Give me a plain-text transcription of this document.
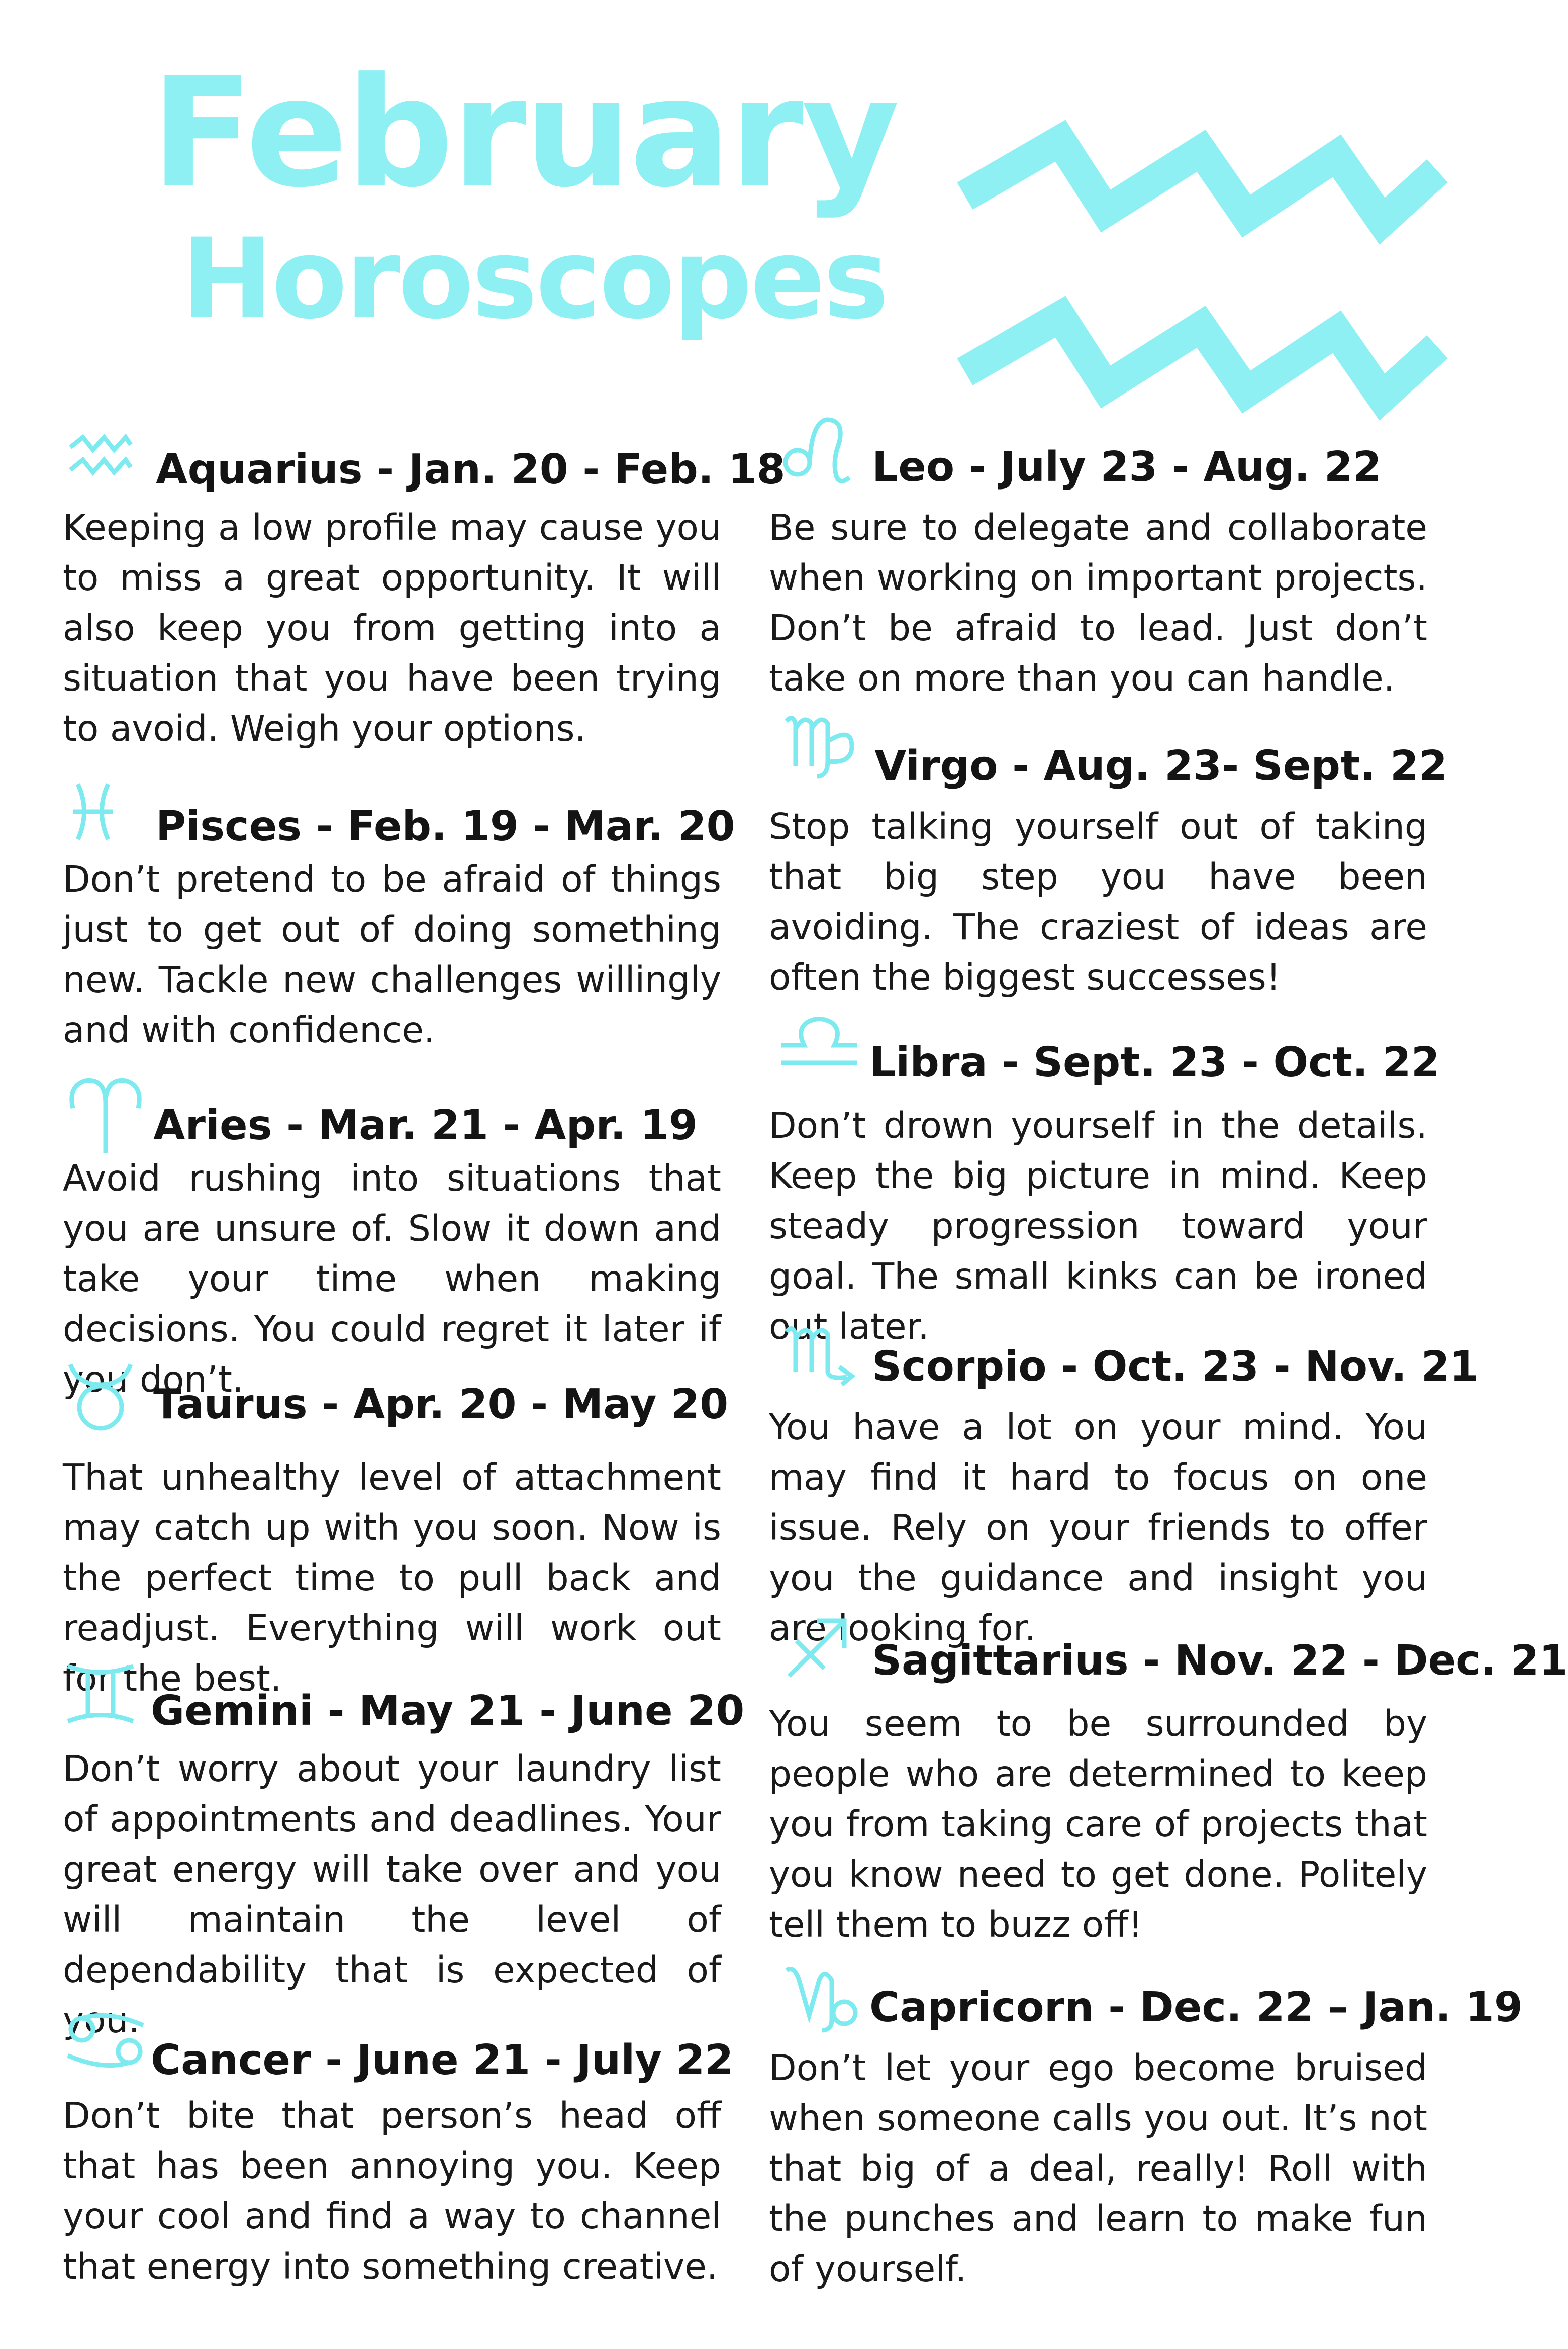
February
Horoscopes
Aquarius - Jan. 20 - Feb. 18
Keeping a low profile may cause you to miss a great opportunity. It will also keep you from getting into a situation that you have been trying to avoid. Weigh your options.
Pisces - Feb. 19 - Mar. 20
Don’t pretend to be afraid of things just to get out of doing something new. Tackle new challenges willingly and with confidence.
Aries - Mar. 21 - Apr. 19
Avoid rushing into situations that you are unsure of. Slow it down and take your time when making decisions. You could regret it later if you don’t.
Taurus - Apr. 20 - May 20
That unhealthy level of attachment may catch up with you soon. Now is the perfect time to pull back and readjust. Everything will work out for the best.
Gemini - May 21 - June 20
Don’t worry about your laundry list of appointments and deadlines. Your great energy will take over and you will maintain the level of dependability that is expected of you.
Cancer - June 21 - July 22
Don’t bite that person’s head off that has been annoying you. Keep your cool and find a way to channel that energy into something creative.
Leo - July 23 - Aug. 22
Be sure to delegate and collaborate when working on important projects. Don’t be afraid to lead. Just don’t take on more than you can handle.
Virgo - Aug. 23- Sept. 22
Stop talking yourself out of taking that big step you have been avoiding. The craziest of ideas are often the biggest successes!
Libra - Sept. 23 - Oct. 22
Don’t drown yourself in the details. Keep the big picture in mind. Keep steady progression toward your goal. The small kinks can be ironed out later.
Scorpio - Oct. 23 - Nov. 21
You have a lot on your mind. You may find it hard to focus on one issue. Rely on your friends to offer you the guidance and insight you are looking for.
Sagittarius - Nov. 22 - Dec. 21
You seem to be surrounded by people who are determined to keep you from taking care of projects that you know need to get done. Politely tell them to buzz off!
Capricorn - Dec. 22 – Jan. 19
Don’t let your ego become bruised when someone calls you out. It’s not that big of a deal, really! Roll with the punches and learn to make fun of yourself.
